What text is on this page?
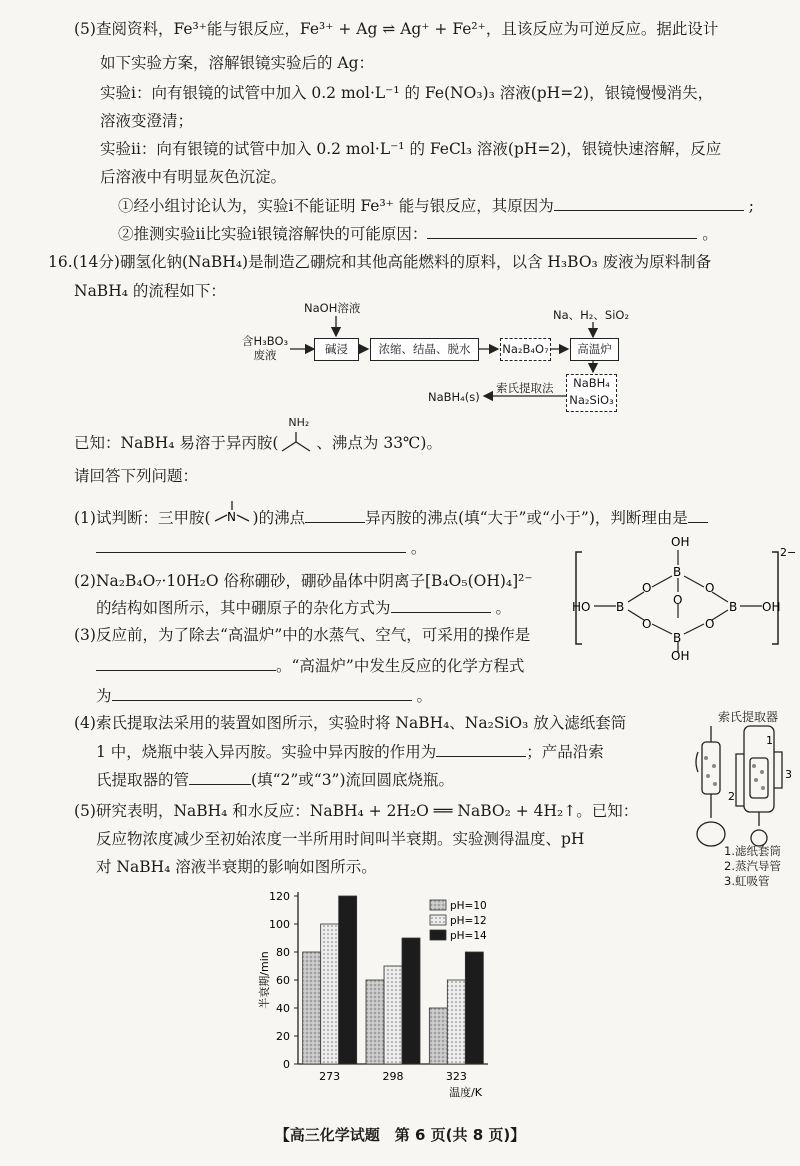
(5)查阅资料，Fe³⁺能与银反应，Fe³⁺ + Ag ⇌ Ag⁺ + Fe²⁺，且该反应为可逆反应。据此设计
如下实验方案，溶解银镜实验后的 Ag：
实验ⅰ：向有银镜的试管中加入 0.2 mol·L⁻¹ 的 Fe(NO₃)₃ 溶液(pH=2)，银镜慢慢消失，
溶液变澄清；
实验ⅱ：向有银镜的试管中加入 0.2 mol·L⁻¹ 的 FeCl₃ 溶液(pH=2)，银镜快速溶解，反应
后溶液中有明显灰色沉淀。
①经小组讨论认为，实验ⅰ不能证明 Fe³⁺ 能与银反应，其原因为	;
②推测实验ⅱ比实验ⅰ银镜溶解快的可能原因：	。
16.(14分)硼氢化钠(NaBH₄)是制造乙硼烷和其他高能燃料的原料，以含 H₃BO₃ 废液为原料制备
NaBH₄ 的流程如下：
含H₃BO₃
废液
NaOH溶液
碱浸	浓缩、结晶、脱水	Na₂B₄O₇
Na、H₂、SiO₂
高温炉
NaBH₄
Na₂SiO₃
索氏提取法
NaBH₄(s)
已知：NaBH₄ 易溶于异丙胺(
NH₂
、沸点为 33℃)。
请回答下列问题：
(1)试判断：三甲胺( N )的沸点	异丙胺的沸点(填“大于”或“小于”)，判断理由是
。
(2)Na₂B₄O₇·10H₂O 俗称硼砂，硼砂晶体中阴离子[B₄O₅(OH)₄]²⁻
的结构如图所示，其中硼原子的杂化方式为	。
2−
OH
B
O	O
O
B	B
HO	OH
O	O
B
OH
(3)反应前，为了除去“高温炉”中的水蒸气、空气，可采用的操作是
。“高温炉”中发生反应的化学方程式
为	。
(4)索氏提取法采用的装置如图所示，实验时将 NaBH₄、Na₂SiO₃ 放入滤纸套筒
1 中，烧瓶中装入异丙胺。实验中异丙胺的作用为	；产品沿索
氏提取器的管	(填“2”或“3”)流回圆底烧瓶。
索氏提取器
2
3
1
1.滤纸套筒
2.蒸汽导管
3.虹吸管
(5)研究表明，NaBH₄ 和水反应：NaBH₄ + 2H₂O ══ NaBO₂ + 4H₂↑。已知：
反应物浓度减少至初始浓度一半所用时间叫半衰期。实验测得温度、pH
对 NaBH₄ 溶液半衰期的影响如图所示。
0
20
40
60
80
100
120
273	298	323
温度/K
半衰期/min
pH=10
pH=12
pH=14
【高三化学试题　第 6 页(共 8 页)】
